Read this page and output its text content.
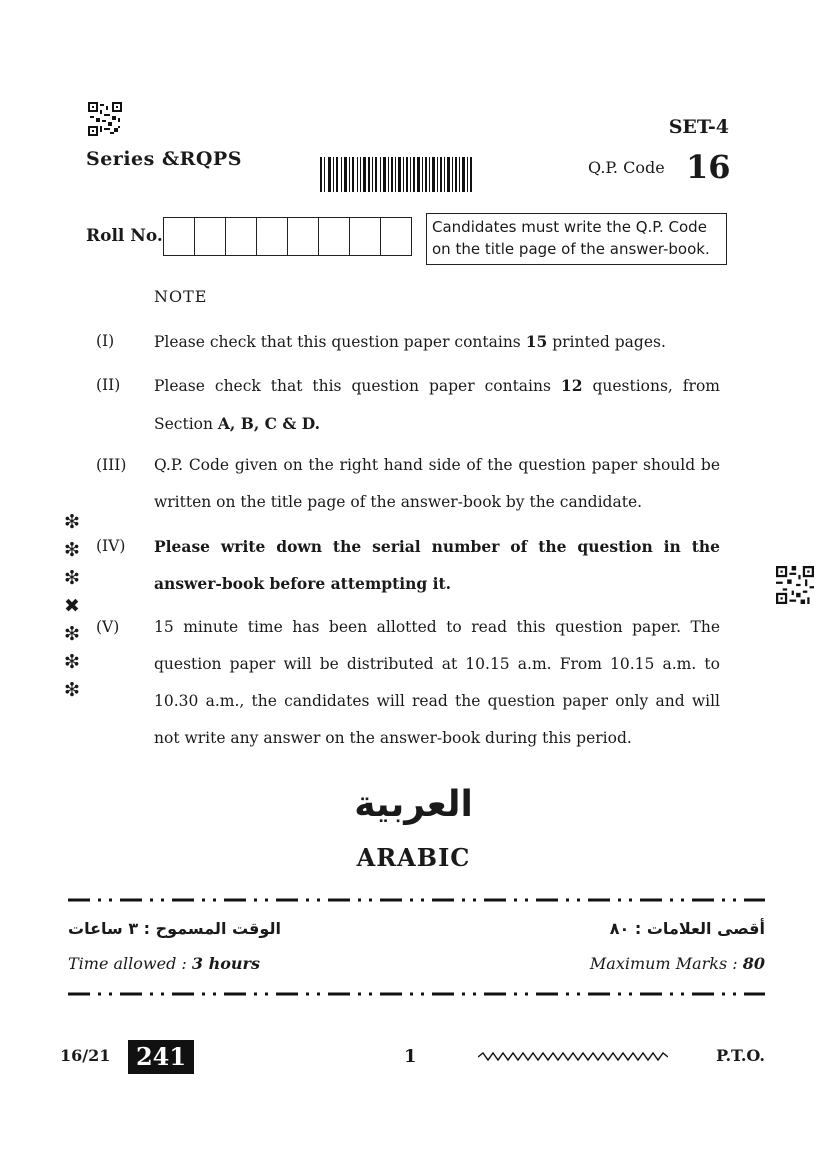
Series &RQPS
SET-4
Q.P. Code 16
Roll No.	Candidates must write the Q.P. Code
on the title page of the answer-book.
NOTE
(I)	Please check that this question paper contains 15 printed pages.
(II) Please check that this question paper contains 12 questions, from Section A, B, C & D.
(III) Q.P. Code given on the right hand side of the question paper should be written on the title page of the answer-book by the candidate.
(IV) Please write down the serial number of the question in the answer-book before attempting it.
(V) 15 minute time has been allotted to read this question paper. The question paper will be distributed at 10.15 a.m. From 10.15 a.m. to 10.30 a.m., the candidates will read the question paper only and will not write any answer on the answer-book during this period.
❇
❇
❇
✖
❇
❇
❇
العربية
ARABIC
الوقت المسموح : ٣ ساعات	أقصى العلامات : ٨٠
Time allowed : 3 hours	Maximum Marks : 80
16/21	241	1	P.T.O.
